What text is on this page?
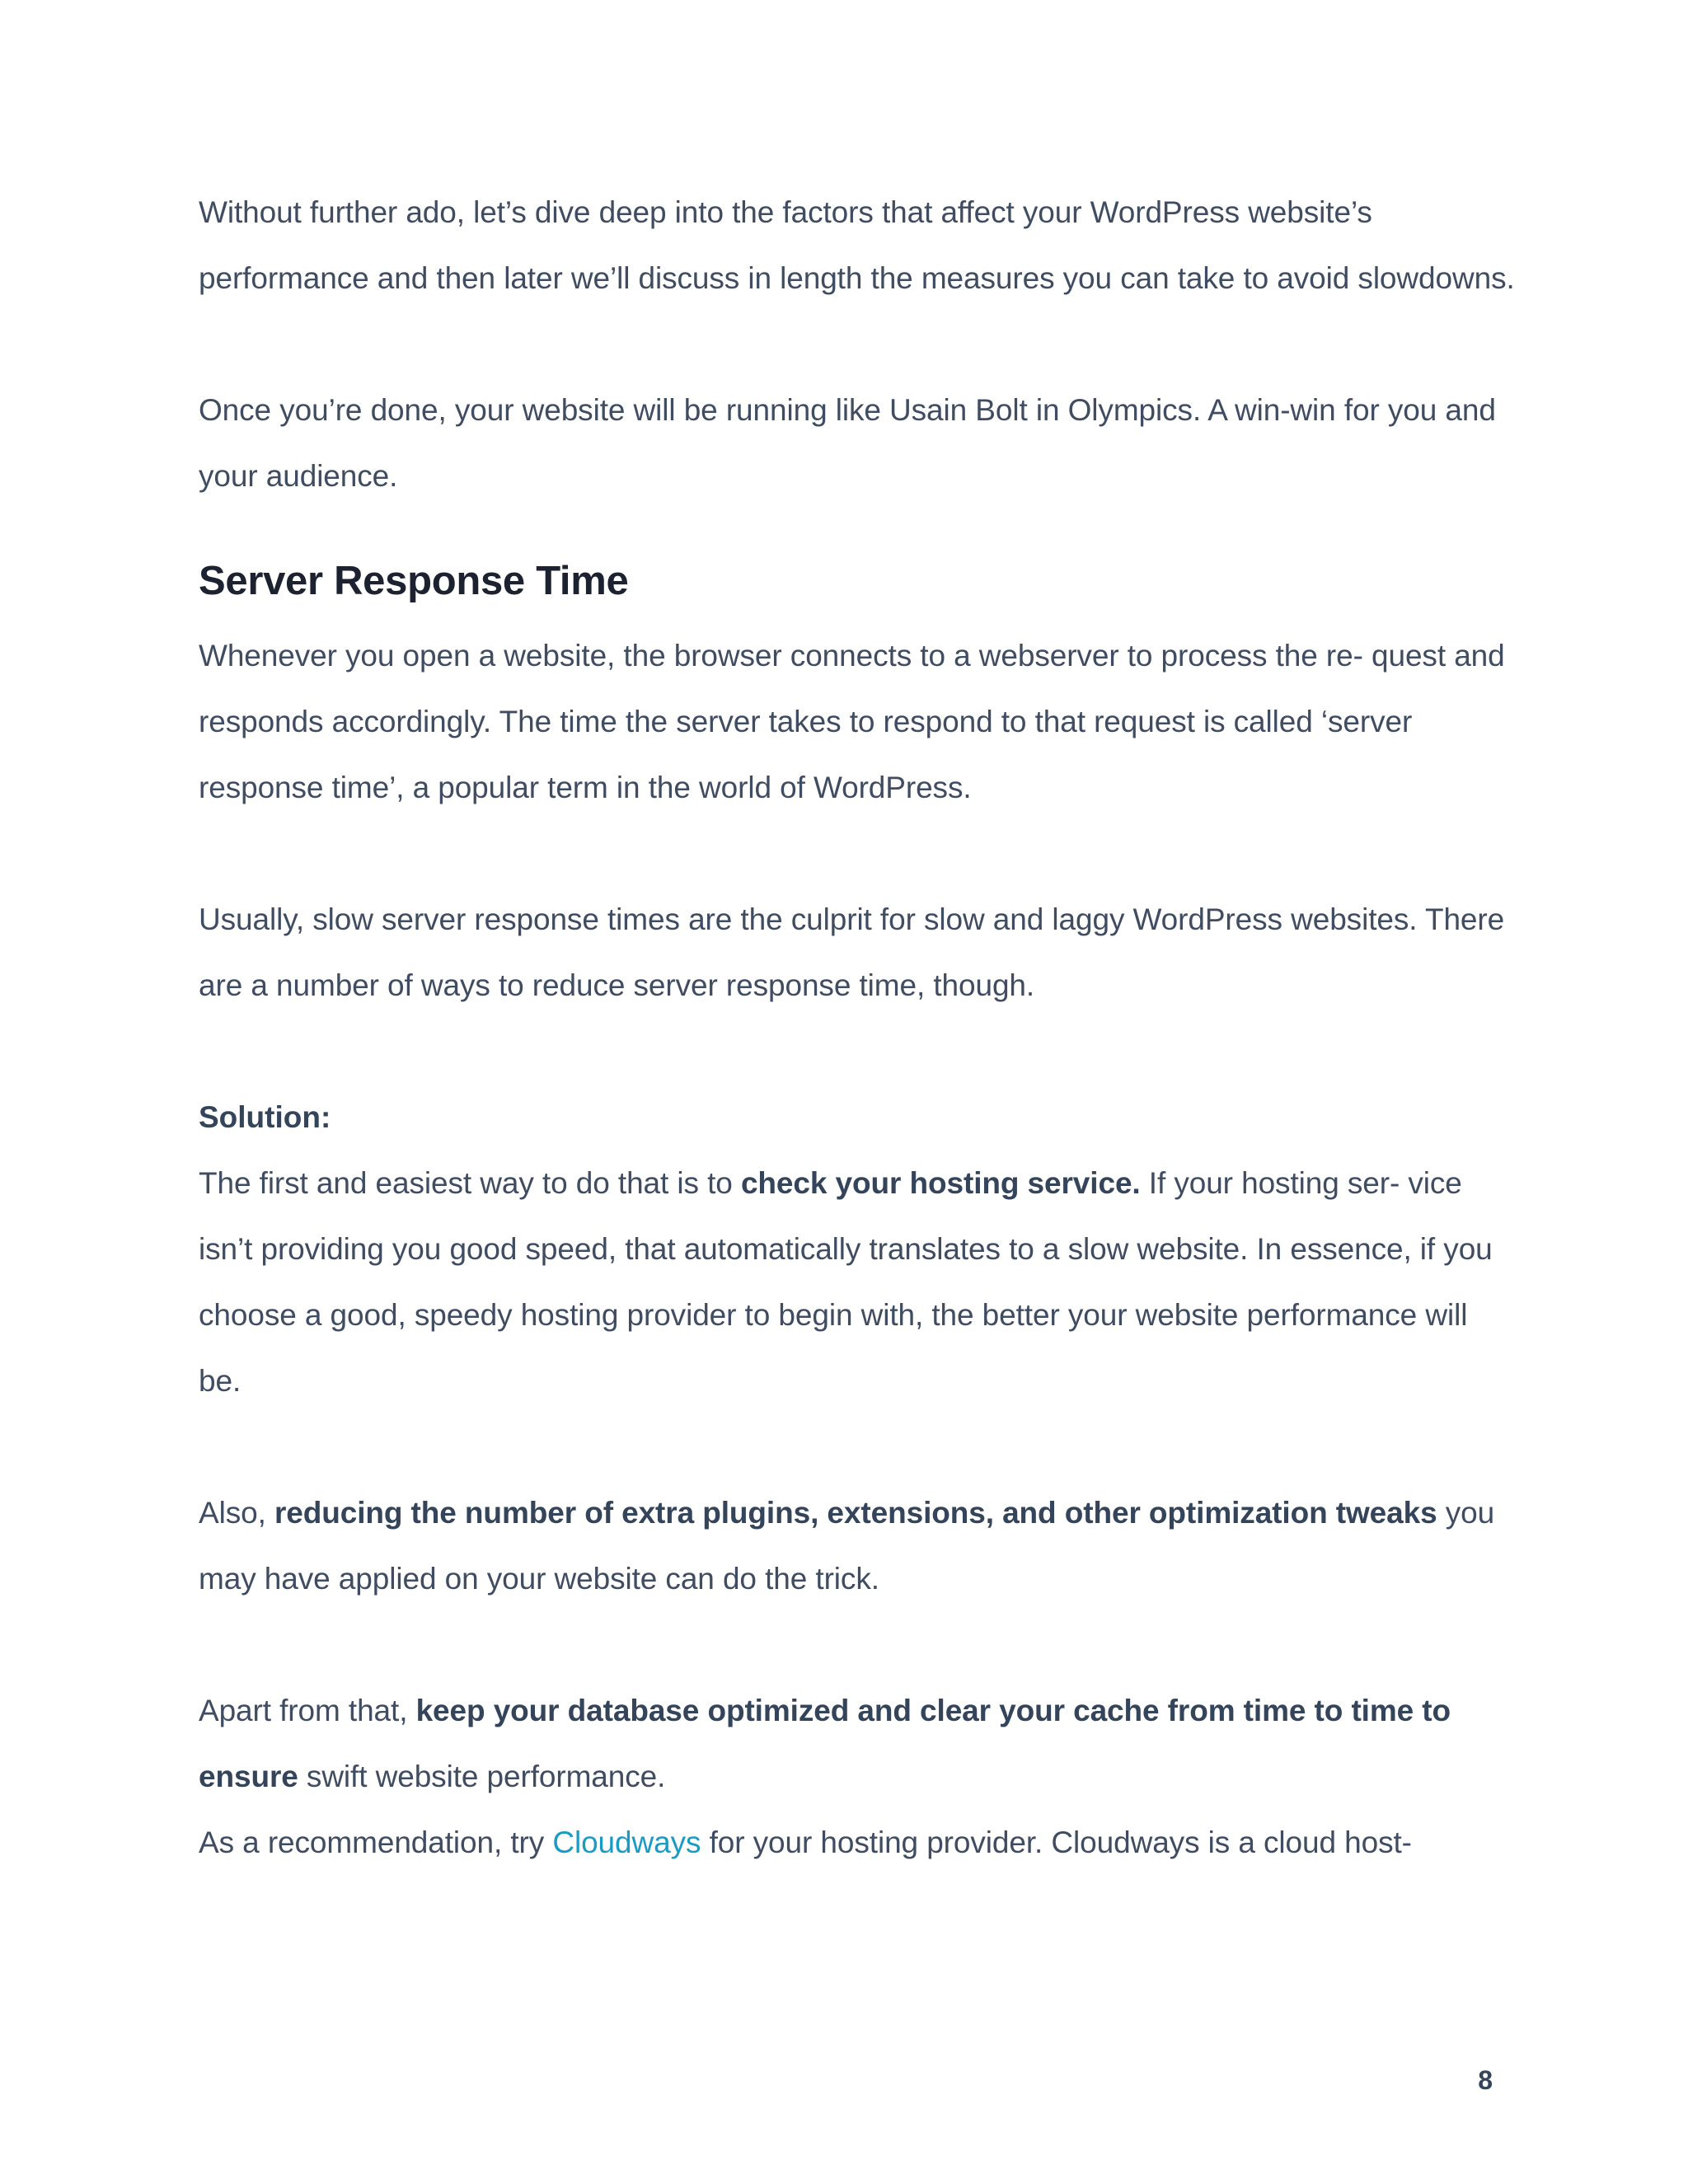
Without further ado, let’s dive deep into the factors that affect your WordPress website’s performance and then later we’ll discuss in length the measures you can take to avoid slowdowns.

Once you’re done, your website will be running like Usain Bolt in Olympics. A win-win for you and your audience.

Server Response Time

Whenever you open a website, the browser connects to a webserver to process the re- quest and responds accordingly. The time the server takes to respond to that request is called ‘server response time’, a popular term in the world of WordPress.

Usually, slow server response times are the culprit for slow and laggy WordPress websites. There are a number of ways to reduce server response time, though.

Solution:

The first and easiest way to do that is to check your hosting service. If your hosting ser- vice isn’t providing you good speed, that automatically translates to a slow website. In essence, if you choose a good, speedy hosting provider to begin with, the better your website performance will be.

Also, reducing the number of extra plugins, extensions, and other optimization tweaks you may have applied on your website can do the trick.

Apart from that, keep your database optimized and clear your cache from time to time to ensure swift website performance.

As a recommendation, try Cloudways for your hosting provider. Cloudways is a cloud host-

8
